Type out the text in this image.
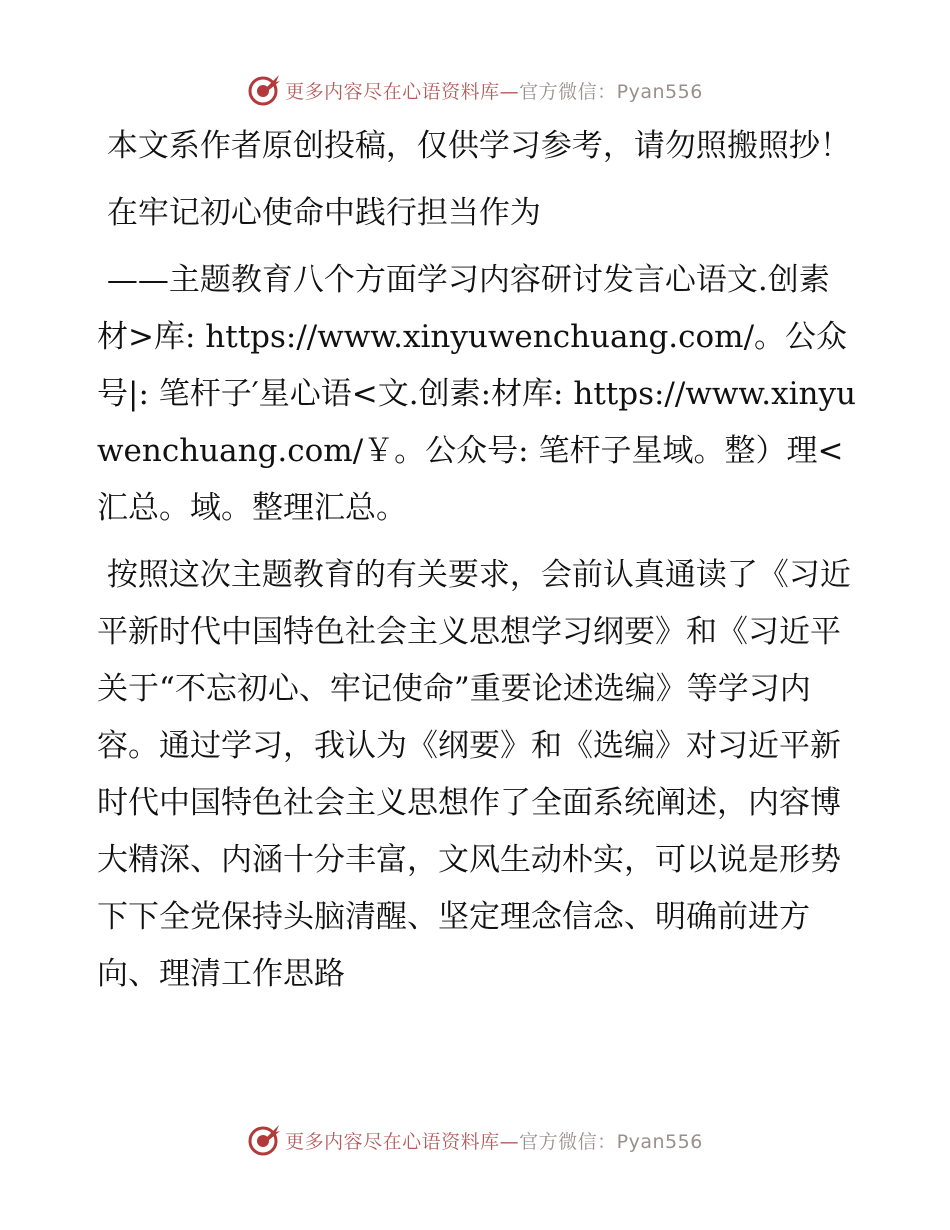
更多内容尽在心语资料库—官方微信：Pyan556

本文系作者原创投稿，仅供学习参考，请勿照搬照抄！

在牢记初心使命中践行担当作为

——主题教育八个方面学习内容研讨发言心语文.创素材>库: https://www.xinyuwenchuang.com/。公众号|: 笔杆子′星心语<文.创素:材库: https://www.xinyuwenchuang.com/￥。公众号: 笔杆子星域。整）理<汇总。域。整理汇总。

按照这次主题教育的有关要求，会前认真通读了《习近平新时代中国特色社会主义思想学习纲要》和《习近平关于“不忘初心、牢记使命”重要论述选编》等学习内容。通过学习，我认为《纲要》和《选编》对习近平新时代中国特色社会主义思想作了全面系统阐述，内容博大精深、内涵十分丰富，文风生动朴实，可以说是形势下下全党保持头脑清醒、坚定理念信念、明确前进方向、理清工作思路

更多内容尽在心语资料库—官方微信：Pyan556
